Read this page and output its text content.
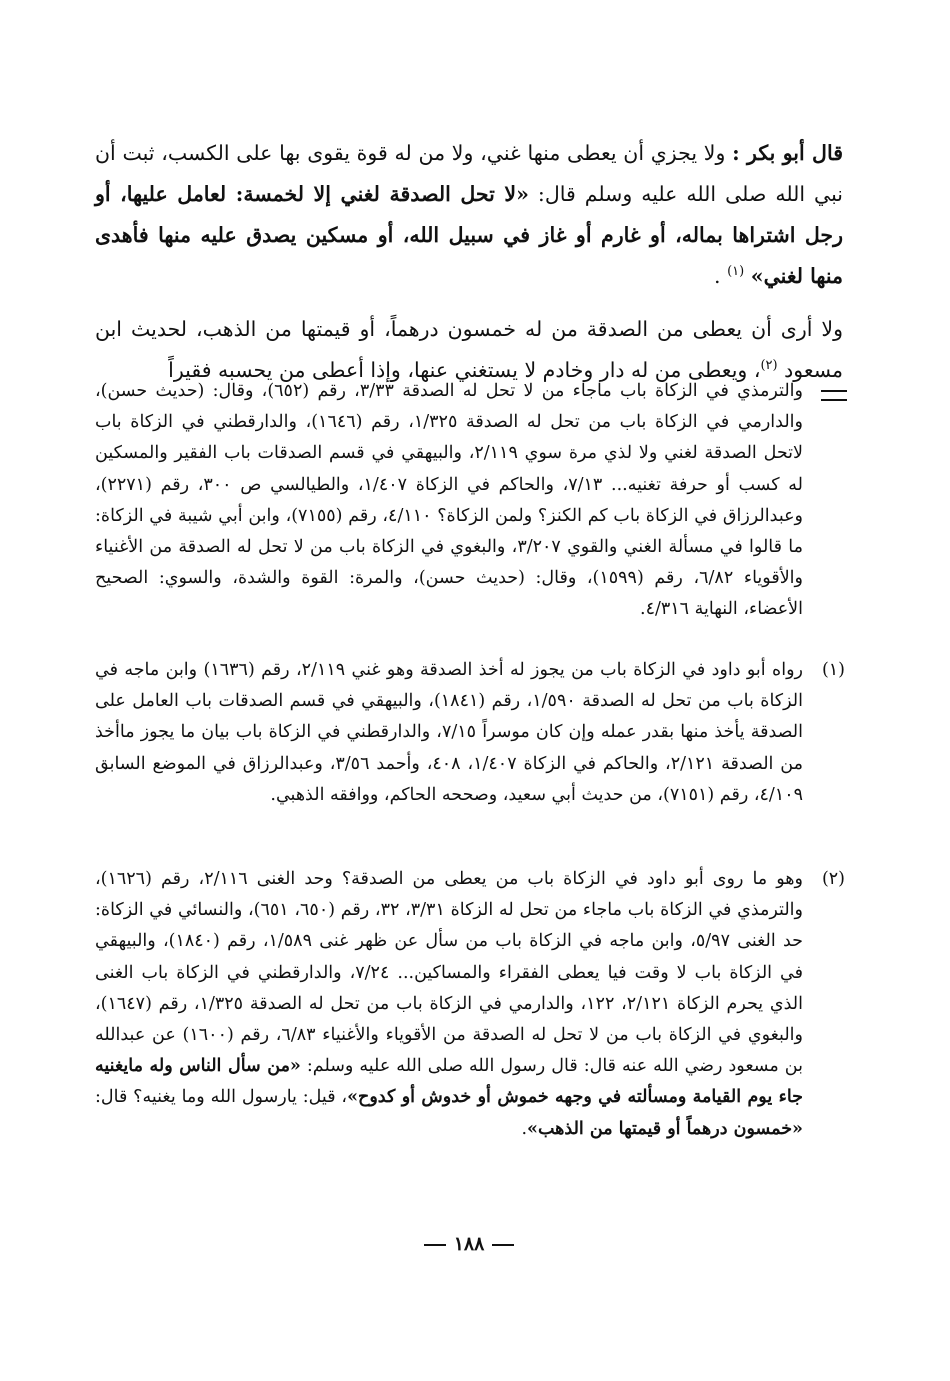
قال أبو بكر : ولا يجزي أن يعطى منها غني، ولا من له قوة يقوى بها على الكسب، ثبت أن نبي الله صلى الله عليه وسلم قال: «لا تحل الصدقة لغني إلا لخمسة: لعامل عليها، أو رجل اشتراها بماله، أو غارم أو غاز في سبيل الله، أو مسكين يصدق عليه منها فأهدى منها لغني» $^{(١)}$ .

ولا أرى أن يعطى من الصدقة من له خمسون درهماً، أو قيمتها من الذهب، لحديث ابن مسعود $^{(٢)}$، ويعطى من له دار وخادم لا يستغني عنها، وإذا أعطى من يحسبه فقيراً

والترمذي في الزكاة باب ماجاء من لا تحل له الصدقة ٣/٣٣، رقم (٦٥٢)، وقال: (حديث حسن)، والدارمي في الزكاة باب من تحل له الصدقة ١/٣٢٥، رقم (١٦٤٦)، والدارقطني في الزكاة باب لاتحل الصدقة لغني ولا لذي مرة سوي ٢/١١٩، والبيهقي في قسم الصدقات باب الفقير والمسكين له كسب أو حرفة تغنيه... ٧/١٣، والحاكم في الزكاة ١/٤٠٧، والطيالسي ص ٣٠٠، رقم (٢٢٧١)، وعبدالرزاق في الزكاة باب كم الكنز؟ ولمن الزكاة؟ ٤/١١٠، رقم (٧١٥٥)، وابن أبي شيبة في الزكاة: ما قالوا في مسألة الغني والقوي ٣/٢٠٧، والبغوي في الزكاة باب من لا تحل له الصدقة من الأغنياء والأقوياء ٦/٨٢، رقم (١٥٩٩)، وقال: (حديث حسن)، والمرة: القوة والشدة، والسوي: الصحيح الأعضاء، النهاية ٤/٣١٦.
(١)
رواه أبو داود في الزكاة باب من يجوز له أخذ الصدقة وهو غني ٢/١١٩، رقم (١٦٣٦) وابن ماجه في الزكاة باب من تحل له الصدقة ١/٥٩٠، رقم (١٨٤١)، والبيهقي في قسم الصدقات باب العامل على الصدقة يأخذ منها بقدر عمله وإن كان موسراً ٧/١٥، والدارقطني في الزكاة باب بيان ما يجوز ماأخذ من الصدقة ٢/١٢١، والحاكم في الزكاة ١/٤٠٧، ٤٠٨، وأحمد ٣/٥٦، وعبدالرزاق في الموضع السابق ٤/١٠٩، رقم (٧١٥١)، من حديث أبي سعيد، وصححه الحاكم، ووافقه الذهبي.
(٢)
وهو ما روى أبو داود في الزكاة باب من يعطى من الصدقة؟ وحد الغنى ٢/١١٦، رقم (١٦٢٦)، والترمذي في الزكاة باب ماجاء من تحل له الزكاة ٣/٣١، ٣٢، رقم (٦٥٠، ٦٥١)، والنسائي في الزكاة: حد الغنى ٥/٩٧، وابن ماجه في الزكاة باب من سأل عن ظهر غنى ١/٥٨٩، رقم (١٨٤٠)، والبيهقي في الزكاة باب لا وقت فيا يعطى الفقراء والمساكين... ٧/٢٤، والدارقطني في الزكاة باب الغنى الذي يحرم الزكاة ٢/١٢١، ١٢٢، والدارمي في الزكاة باب من تحل له الصدقة ١/٣٢٥، رقم (١٦٤٧)، والبغوي في الزكاة باب من لا تحل له الصدقة من الأقوياء والأغنياء ٦/٨٣، رقم (١٦٠٠) عن عبدالله بن مسعود رضي الله عنه قال: قال رسول الله صلى الله عليه وسلم: «من سأل الناس وله مايغنيه جاء يوم القيامة ومسألته في وجهه خموش أو خدوش أو كدوح»، قيل: يارسول الله وما يغنيه؟ قال: «خمسون درهماً أو قيمتها من الذهب».
١٨٨
